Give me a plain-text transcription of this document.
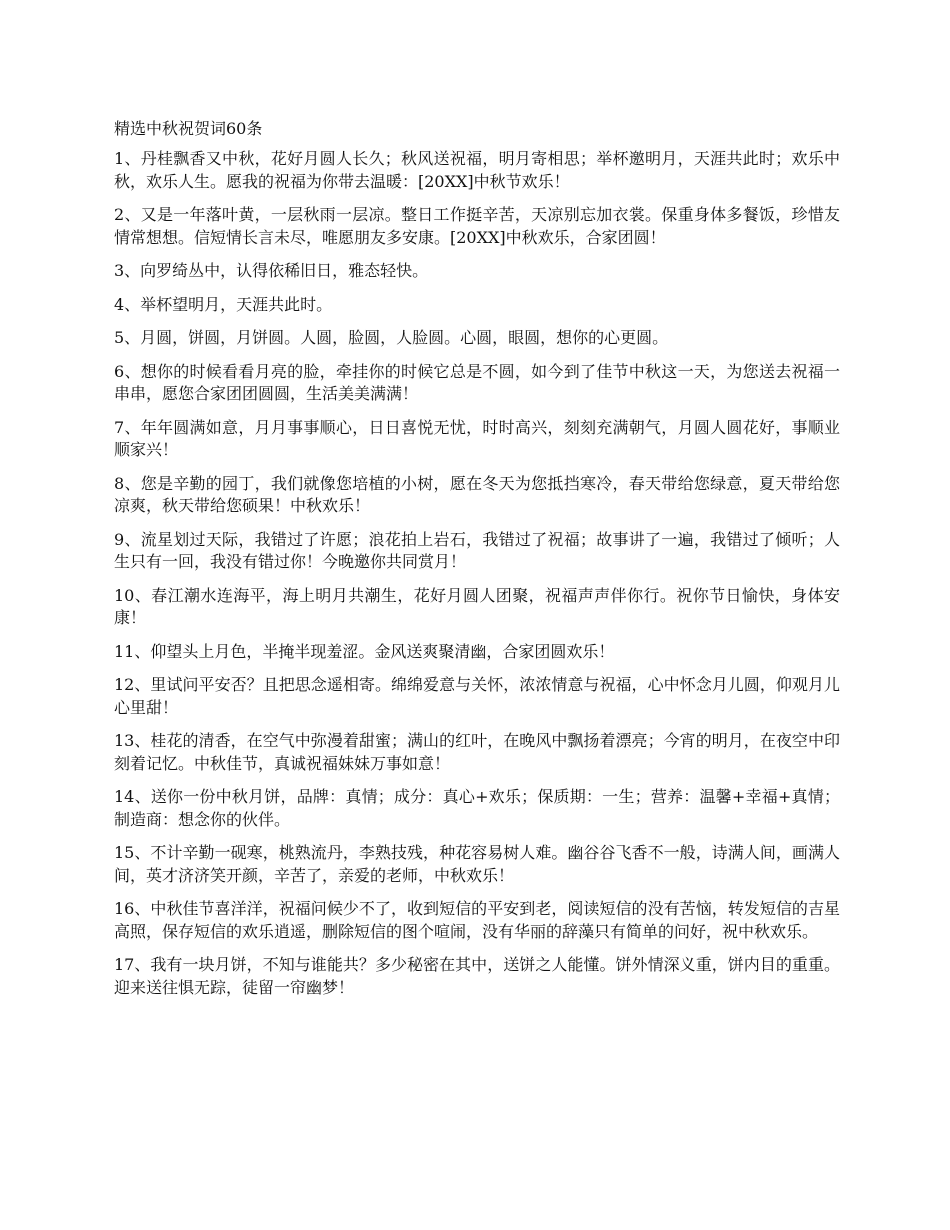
精选中秋祝贺词60条

1、丹桂飘香又中秋，花好月圆人长久；秋风送祝福，明月寄相思；举杯邀明月，天涯共此时；欢乐中秋，欢乐人生。愿我的祝福为你带去温暖：[20XX]中秋节欢乐！

2、又是一年落叶黄，一层秋雨一层凉。整日工作挺辛苦，天凉别忘加衣裳。保重身体多餐饭，珍惜友情常想想。信短情长言未尽，唯愿朋友多安康。[20XX]中秋欢乐，合家团圆！

3、向罗绮丛中，认得依稀旧日，雅态轻快。

4、举杯望明月，天涯共此时。

5、月圆，饼圆，月饼圆。人圆，脸圆，人脸圆。心圆，眼圆，想你的心更圆。

6、想你的时候看看月亮的脸，牵挂你的时候它总是不圆，如今到了佳节中秋这一天，为您送去祝福一串串，愿您合家团团圆圆，生活美美满满！

7、年年圆满如意，月月事事顺心，日日喜悦无忧，时时高兴，刻刻充满朝气，月圆人圆花好，事顺业顺家兴！

8、您是辛勤的园丁，我们就像您培植的小树，愿在冬天为您抵挡寒冷，春天带给您绿意，夏天带给您凉爽，秋天带给您硕果！中秋欢乐！

9、流星划过天际，我错过了许愿；浪花拍上岩石，我错过了祝福；故事讲了一遍，我错过了倾听；人生只有一回，我没有错过你！今晚邀你共同赏月！

10、春江潮水连海平，海上明月共潮生，花好月圆人团聚，祝福声声伴你行。祝你节日愉快，身体安康！

11、仰望头上月色，半掩半现羞涩。金风送爽聚清幽，合家团圆欢乐！

12、里试问平安否？且把思念遥相寄。绵绵爱意与关怀，浓浓情意与祝福，心中怀念月儿圆，仰观月儿心里甜！

13、桂花的清香，在空气中弥漫着甜蜜；满山的红叶，在晚风中飘扬着漂亮；今宵的明月，在夜空中印刻着记忆。中秋佳节，真诚祝福妹妹万事如意！

14、送你一份中秋月饼，品牌：真情；成分：真心+欢乐；保质期：一生；营养：温馨+幸福+真情；制造商：想念你的伙伴。

15、不计辛勤一砚寒，桃熟流丹，李熟技残，种花容易树人难。幽谷谷飞香不一般，诗满人间，画满人间，英才济济笑开颜，辛苦了，亲爱的老师，中秋欢乐！

16、中秋佳节喜洋洋，祝福问候少不了，收到短信的平安到老，阅读短信的没有苦恼，转发短信的吉星高照，保存短信的欢乐逍遥，删除短信的图个喧闹，没有华丽的辞藻只有简单的问好，祝中秋欢乐。

17、我有一块月饼，不知与谁能共？多少秘密在其中，送饼之人能懂。饼外情深义重，饼内目的重重。迎来送往惧无踪，徒留一帘幽梦！
